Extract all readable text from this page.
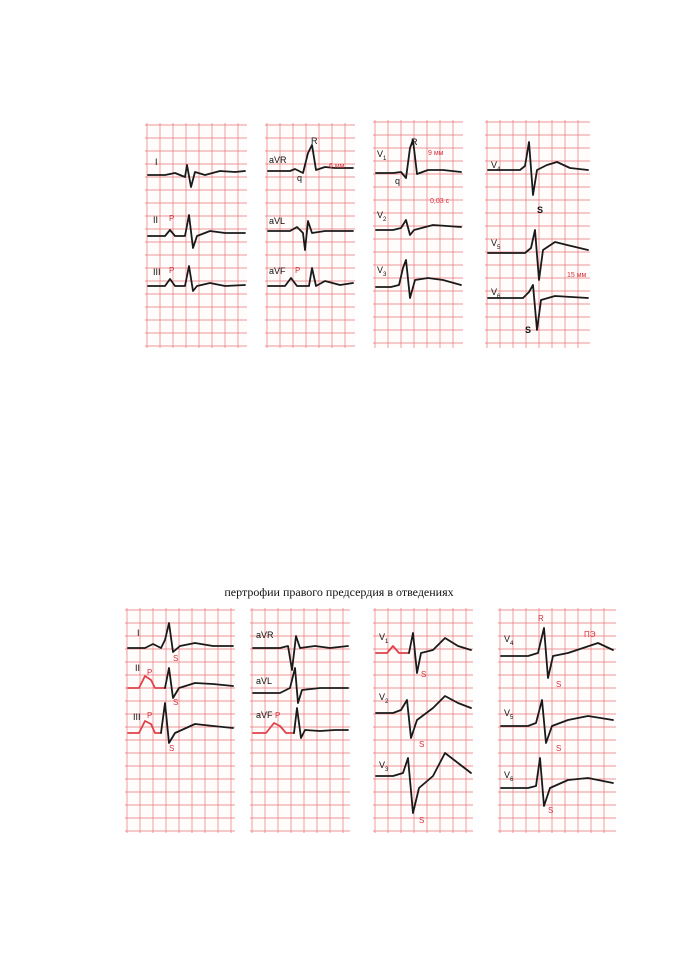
I
II P
III P
aVR
R
q
6 мм
aVL
aVF P
$V_1$
R
9 мм
q
0,03 с
$V_2$
$V_3$
$V_4$
S
$V_5$
15 мм
$V_6$
S
пертрофии правого предсердия в отведениях
I
S
II P
S
III P
S
aVR
aVL
aVF P
$V_1$
S
$V_2$
S
$V_3$
S
$V_4$
R
ПЭ
S
$V_5$
S
$V_6$
S
